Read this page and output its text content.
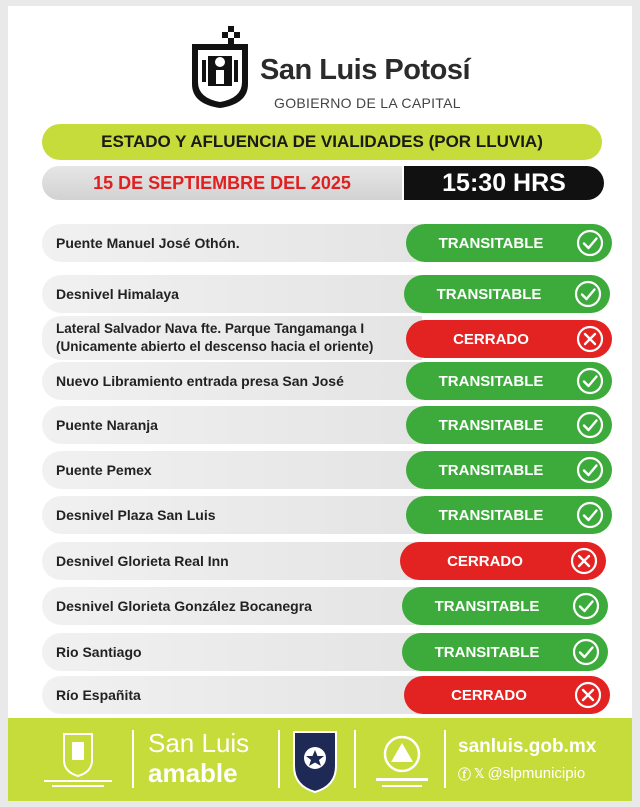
San Luis Potosí
GOBIERNO DE LA CAPITAL
ESTADO Y AFLUENCIA DE VIALIDADES (POR LLUVIA)
15 DE SEPTIEMBRE DEL 2025	15:30 HRS
Puente Manuel José Othón.	TRANSITABLE
Desnivel Himalaya	TRANSITABLE
Lateral Salvador Nava fte. Parque Tangamanga I (Unicamente abierto el descenso hacia el oriente)	CERRADO
Nuevo Libramiento entrada presa San José	TRANSITABLE
Puente Naranja	TRANSITABLE
Puente Pemex	TRANSITABLE
Desnivel Plaza San Luis	TRANSITABLE
Desnivel Glorieta Real Inn	CERRADO
Desnivel Glorieta González Bocanegra	TRANSITABLE
Rio Santiago	TRANSITABLE
Río Españita	CERRADO
San Luis
amable
sanluis.gob.mx
ⓕ 𝕏 @slpmunicipio
